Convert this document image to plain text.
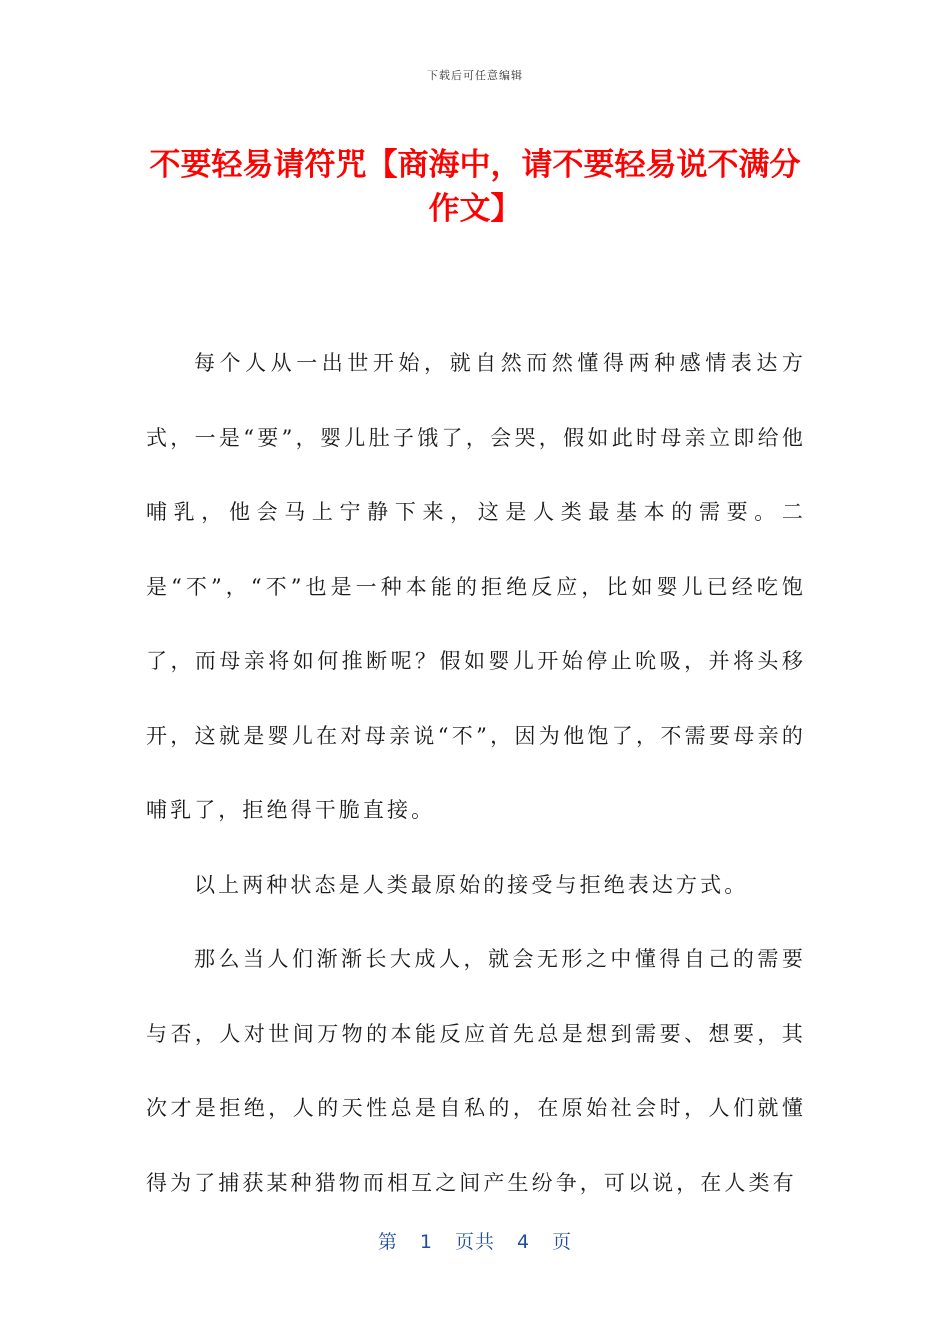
下载后可任意编辑
不要轻易请符咒【商海中，请不要轻易说不满分作文】

每个人从一出世开始，就自然而然懂得两种感情表达方式，一是“要”，婴儿肚子饿了，会哭，假如此时母亲立即给他哺乳，他会马上宁静下来，这是人类最基本的需要。二是“不”，“不”也是一种本能的拒绝反应，比如婴儿已经吃饱了，而母亲将如何推断呢？假如婴儿开始停止吮吸，并将头移开，这就是婴儿在对母亲说“不”，因为他饱了，不需要母亲的哺乳了，拒绝得干脆直接。

以上两种状态是人类最原始的接受与拒绝表达方式。

那么当人们渐渐长大成人，就会无形之中懂得自己的需要与否，人对世间万物的本能反应首先总是想到需要、想要，其次才是拒绝，人的天性总是自私的，在原始社会时，人们就懂得为了捕获某种猎物而相互之间产生纷争，可以说，在人类有

第 1 页共 4 页
